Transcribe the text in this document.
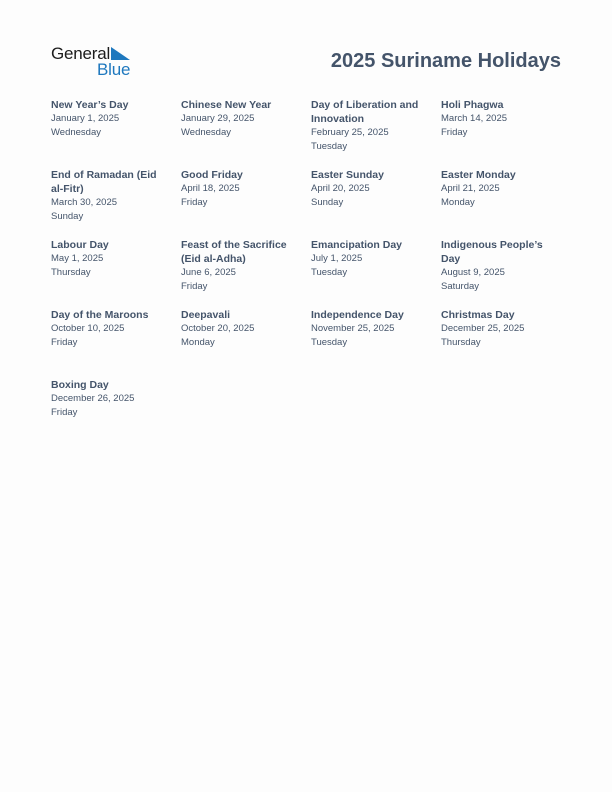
General
Blue	2025 Suriname Holidays
New Year’s Day
January 1, 2025
Wednesday
Chinese New Year
January 29, 2025
Wednesday
Day of Liberation and Innovation
February 25, 2025
Tuesday
Holi Phagwa
March 14, 2025
Friday
End of Ramadan (Eid al-Fitr)
March 30, 2025
Sunday
Good Friday
April 18, 2025
Friday
Easter Sunday
April 20, 2025
Sunday
Easter Monday
April 21, 2025
Monday
Labour Day
May 1, 2025
Thursday
Feast of the Sacrifice (Eid al-Adha)
June 6, 2025
Friday
Emancipation Day
July 1, 2025
Tuesday
Indigenous People’s Day
August 9, 2025
Saturday
Day of the Maroons
October 10, 2025
Friday
Deepavali
October 20, 2025
Monday
Independence Day
November 25, 2025
Tuesday
Christmas Day
December 25, 2025
Thursday
Boxing Day
December 26, 2025
Friday
